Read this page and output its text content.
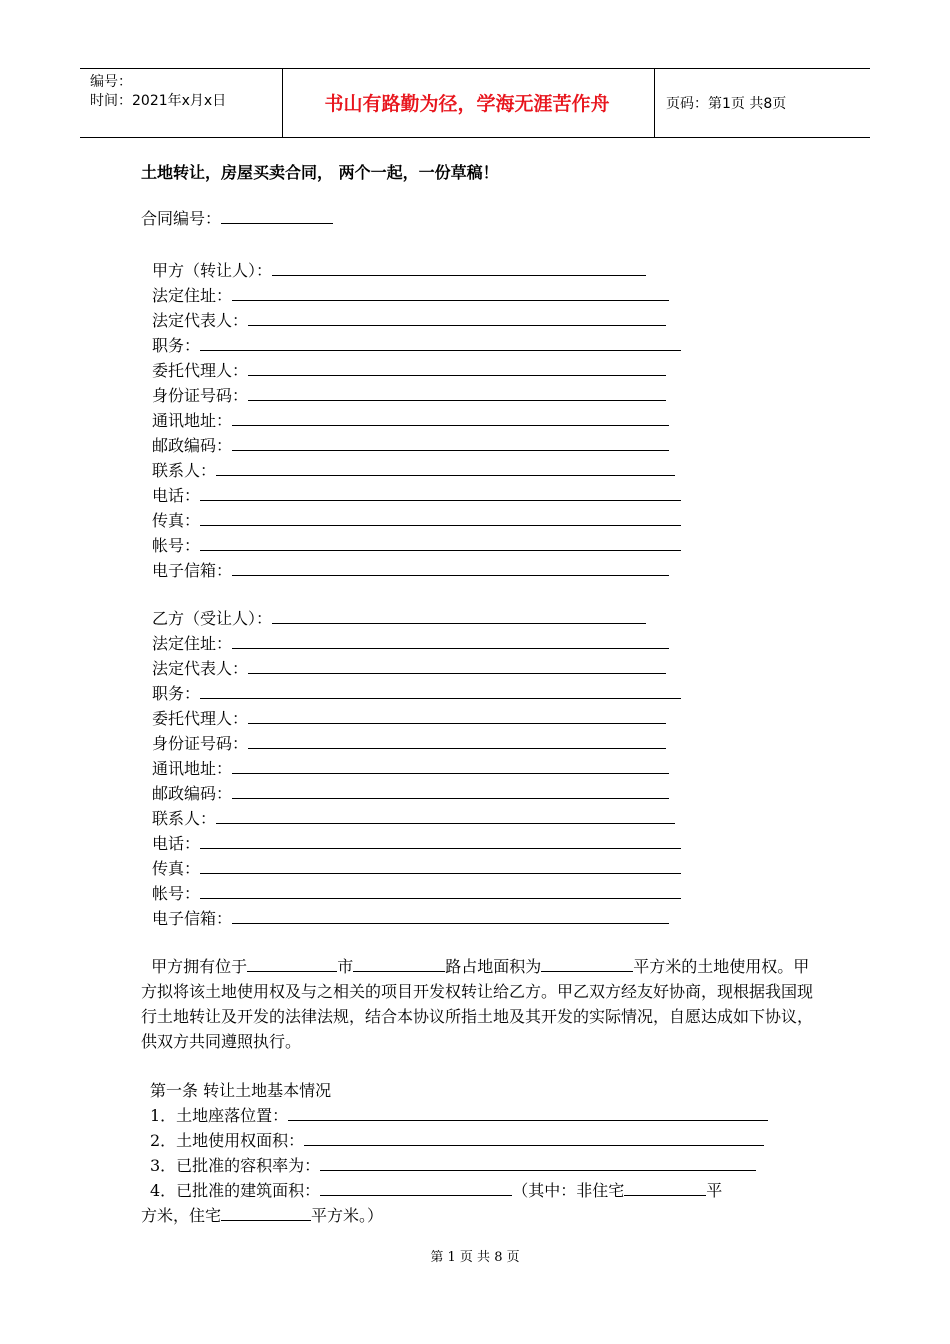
编号：
时间：2021年x月x日	书山有路勤为径，学海无涯苦作舟	页码：第1页 共8页
土地转让，房屋买卖合同， 两个一起，一份草稿！
合同编号：
甲方（转让人）：
法定住址：
法定代表人：
职务：
委托代理人：
身份证号码：
通讯地址：
邮政编码：
联系人：
电话：
传真：
帐号：
电子信箱：
乙方（受让人）：
法定住址：
法定代表人：
职务：
委托代理人：
身份证号码：
通讯地址：
邮政编码：
联系人：
电话：
传真：
帐号：
电子信箱：
甲方拥有位于	市	路占地面积为	平方米的土地使用权。甲方拟将该土地使用权及与之相关的项目开发权转让给乙方。甲乙双方经友好协商，现根据我国现行土地转让及开发的法律法规，结合本协议所指土地及其开发的实际情况，自愿达成如下协议，供双方共同遵照执行。
第一条 转让土地基本情况
1．土地座落位置：
2．土地使用权面积：
3．已批准的容积率为：
4．已批准的建筑面积：	（其中：非住宅	平
方米，住宅	平方米。）
第 1 页 共 8 页
